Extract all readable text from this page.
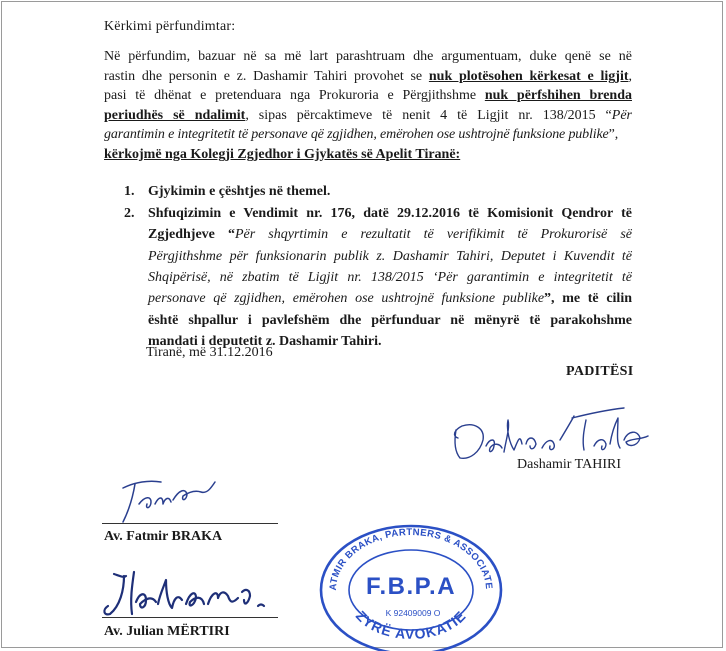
Kërkimi përfundimtar:
Në përfundim, bazuar në sa më lart parashtruam dhe argumentuam, duke qenë se në
rastin dhe personin e z. Dashamir Tahiri provohet se nuk plotësohen kërkesat e ligjit,
pasi të dhënat e pretenduara nga Prokuroria e Përgjithshme nuk përfshihen brenda
periudhës së ndalimit, sipas përcaktimeve të nenit 4 të Ligjit nr. 138/2015 “Për
garantimin e integritetit të personave që zgjidhen, emërohen ose ushtrojnë funksione publike”,
kërkojmë nga Kolegji Zgjedhor i Gjykatës së Apelit Tiranë:
1. Gjykimin e çështjes në themel.
2. Shfuqizimin e Vendimit nr. 176, datë 29.12.2016 të Komisionit Qendror të
Zgjedhjeve “Për shqyrtimin e rezultatit të verifikimit të Prokurorisë së
Përgjithshme për funksionarin publik z. Dashamir Tahiri, Deputet i Kuvendit të
Shqipërisë, në zbatim të Ligjit nr. 138/2015 ‘Për garantimin e integritetit të
personave që zgjidhen, emërohen ose ushtrojnë funksione publike”, me të cilin
është shpallur i pavlefshëm dhe përfunduar në mënyrë të parakohshme
mandati i deputetit z. Dashamir Tahiri.
Tiranë, më 31.12.2016
PADITËSI
Dashamir TAHIRI
Av. Fatmir BRAKA
Av. Julian MËRTIRI
FATMIR BRAKA, PARTNERS & ASSOCIATES
F.B.P.A
K 92409009 O
ZYRË AVOKATIE
